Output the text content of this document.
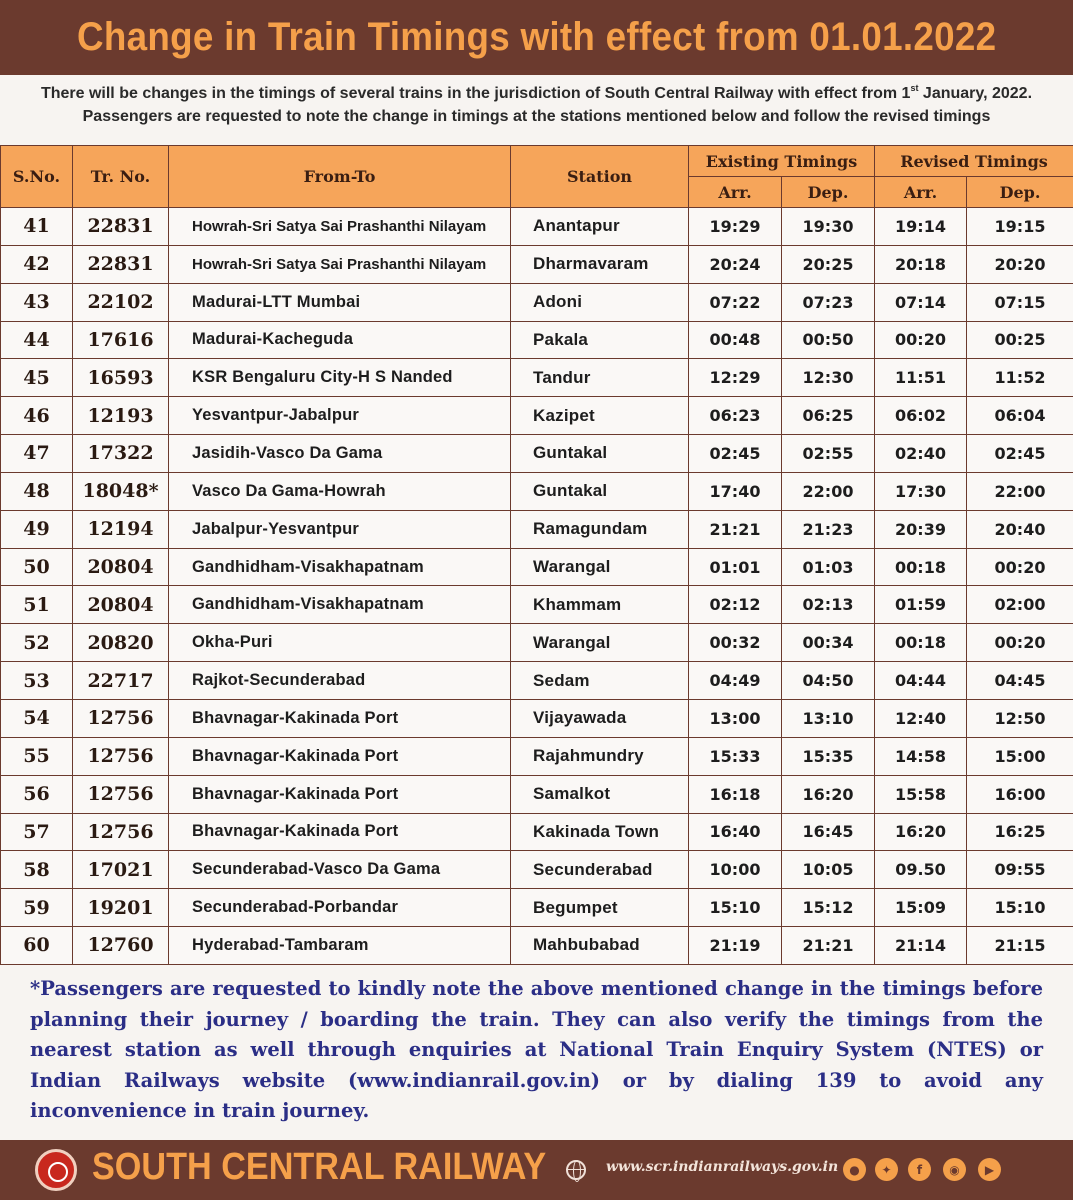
Change in Train Timings with effect from 01.01.2022
There will be changes in the timings of several trains in the jurisdiction of South Central Railway with effect from 1st January, 2022.
Passengers are requested to note the change in timings at the stations mentioned below and follow the revised timings
S.No.	Tr. No.	From-To	Station	Existing Timings		Revised Timings	
				Arr.	Dep.	Arr.	Dep.
41	22831	Howrah-Sri Satya Sai Prashanthi Nilayam	Anantapur	19:29	19:30	19:14	19:15
42	22831	Howrah-Sri Satya Sai Prashanthi Nilayam	Dharmavaram	20:24	20:25	20:18	20:20
43	22102	Madurai-LTT Mumbai	Adoni	07:22	07:23	07:14	07:15
44	17616	Madurai-Kacheguda	Pakala	00:48	00:50	00:20	00:25
45	16593	KSR Bengaluru City-H S Nanded	Tandur	12:29	12:30	11:51	11:52
46	12193	Yesvantpur-Jabalpur	Kazipet	06:23	06:25	06:02	06:04
47	17322	Jasidih-Vasco Da Gama	Guntakal	02:45	02:55	02:40	02:45
48	18048*	Vasco Da Gama-Howrah	Guntakal	17:40	22:00	17:30	22:00
49	12194	Jabalpur-Yesvantpur	Ramagundam	21:21	21:23	20:39	20:40
50	20804	Gandhidham-Visakhapatnam	Warangal	01:01	01:03	00:18	00:20
51	20804	Gandhidham-Visakhapatnam	Khammam	02:12	02:13	01:59	02:00
52	20820	Okha-Puri	Warangal	00:32	00:34	00:18	00:20
53	22717	Rajkot-Secunderabad	Sedam	04:49	04:50	04:44	04:45
54	12756	Bhavnagar-Kakinada Port	Vijayawada	13:00	13:10	12:40	12:50
55	12756	Bhavnagar-Kakinada Port	Rajahmundry	15:33	15:35	14:58	15:00
56	12756	Bhavnagar-Kakinada Port	Samalkot	16:18	16:20	15:58	16:00
57	12756	Bhavnagar-Kakinada Port	Kakinada Town	16:40	16:45	16:20	16:25
58	17021	Secunderabad-Vasco Da Gama	Secunderabad	10:00	10:05	09.50	09:55
59	19201	Secunderabad-Porbandar	Begumpet	15:10	15:12	15:09	15:10
60	12760	Hyderabad-Tambaram	Mahbubabad	21:19	21:21	21:14	21:15
*Passengers are requested to kindly note the above mentioned change in the timings before planning their journey / boarding the train. They can also verify the timings from the nearest station as well through enquiries at National Train Enquiry System (NTES) or Indian Railways website (www.indianrail.gov.in) or by dialing 139 to avoid any inconvenience in train journey.
SOUTH CENTRAL RAILWAY	www.scr.indianrailways.gov.in ●	✦	f	◉	▶
